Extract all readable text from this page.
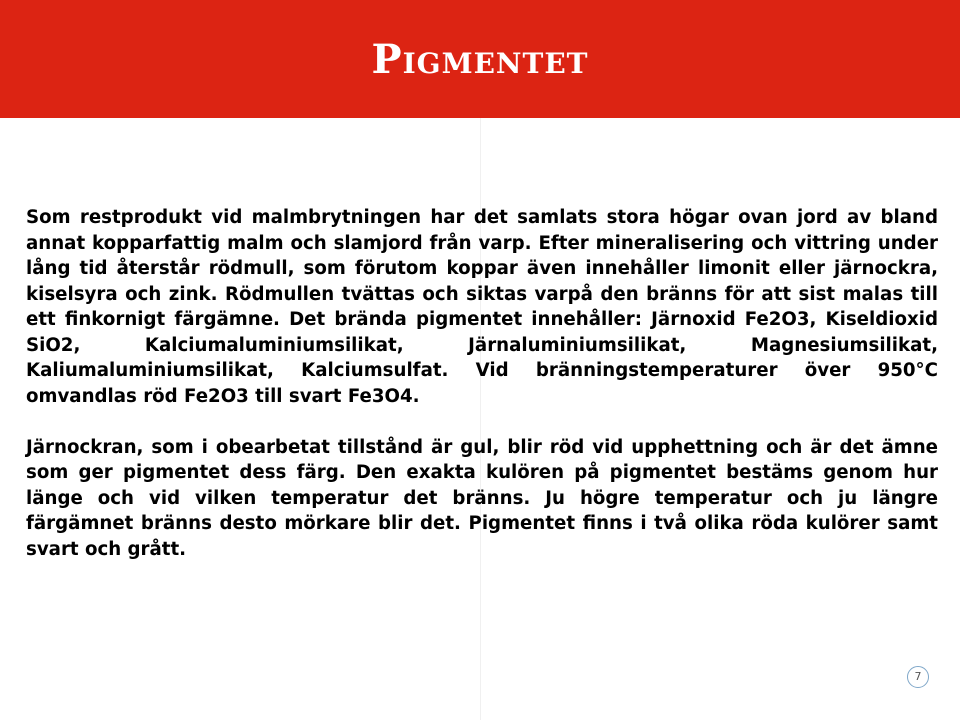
Pigmentet

Som restprodukt vid malmbrytningen har det samlats stora högar ovan jord av bland annat kopparfattig malm och slamjord från varp. Efter mineralisering och vittring under lång tid återstår rödmull, som förutom koppar även innehåller limonit eller järnockra, kiselsyra och zink. Rödmullen tvättas och siktas varpå den bränns för att sist malas till ett finkornigt färgämne. Det brända pigmentet innehåller: Järnoxid Fe2O3, Kiseldioxid SiO2, Kalciumaluminiumsilikat, Järnaluminiumsilikat, Magnesiumsilikat, Kaliumaluminiumsilikat, Kalciumsulfat. Vid bränningstemperaturer över 950°C omvandlas röd Fe2O3 till svart Fe3O4.

Järnockran, som i obearbetat tillstånd är gul, blir röd vid upphettning och är det ämne som ger pigmentet dess färg. Den exakta kulören på pigmentet bestäms genom hur länge och vid vilken temperatur det bränns. Ju högre temperatur och ju längre färgämnet bränns desto mörkare blir det. Pigmentet finns i två olika röda kulörer samt svart och grått.

7
